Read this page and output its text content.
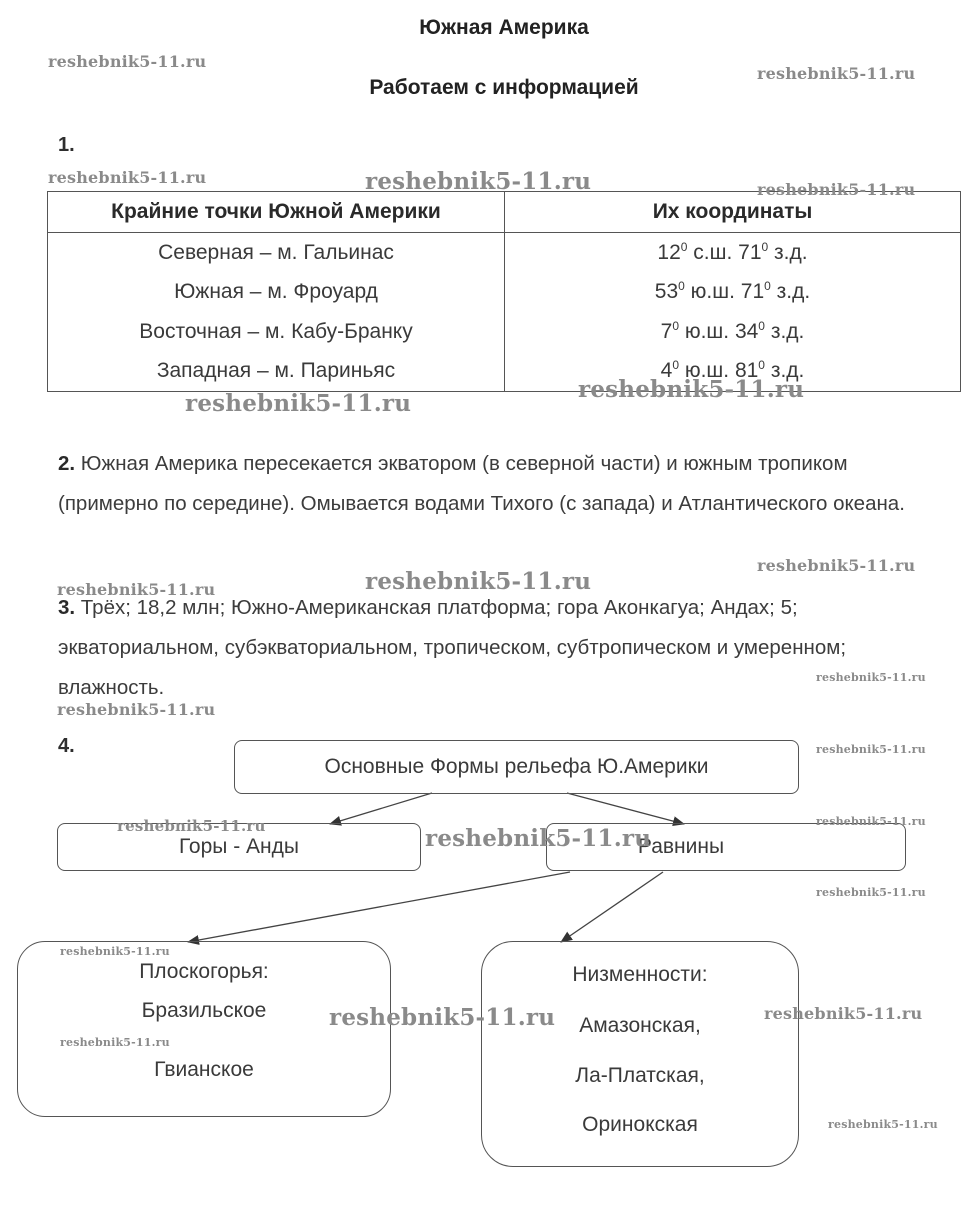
Южная Америка
Работаем с информацией
1.
Крайние точки Южной Америки	Их координаты
Северная – м. Гальинас	$12^0$ с.ш. $71^0$ з.д.
Южная – м. Фроуард	$53^0$ ю.ш. $71^0$ з.д.
Восточная – м. Кабу-Бранку	$7^0$ ю.ш. $34^0$ з.д.
Западная – м. Париньяс	$4^0$ ю.ш. $81^0$ з.д.
2. Южная Америка пересекается экватором (в северной части) и южным тропиком (примерно по середине). Омывается водами Тихого (с запада) и Атлантического океана.
3. Трёх; 18,2 млн; Южно-Американская платформа; гора Аконкагуа; Андах; 5; экваториальном, субэкваториальном, тропическом, субтропическом и умеренном; влажность.
4.
Основные Формы рельефа Ю.Америки
Горы - Анды	Равнины
Плоскогорья:
Бразильское
Гвианское
Низменности:
Амазонская,
Ла-Платская,
Оринокская
reshebnik5-11.ru
reshebnik5-11.ru
reshebnik5-11.ru	reshebnik5-11.ru	reshebnik5-11.ru
reshebnik5-11.ru
reshebnik5-11.ru
reshebnik5-11.ru
reshebnik5-11.ru	reshebnik5-11.ru
reshebnik5-11.ru
reshebnik5-11.ru
reshebnik5-11.ru
reshebnik5-11.ru	reshebnik5-11.ru
reshebnik5-11.ru
reshebnik5-11.ru
reshebnik5-11.ru
reshebnik5-11.ru	reshebnik5-11.ru
reshebnik5-11.ru
reshebnik5-11.ru
